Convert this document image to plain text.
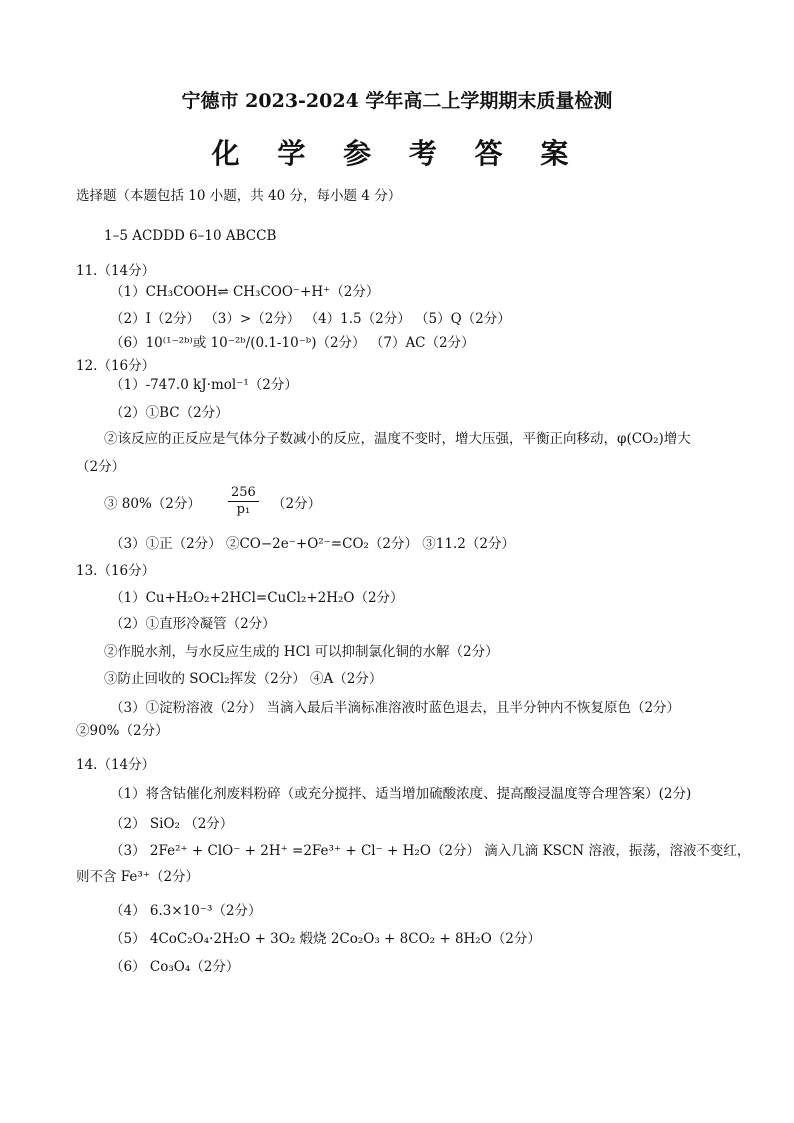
宁德市 2023-2024 学年高二上学期期末质量检测
化 学 参 考 答 案
选择题（本题包括 10 小题，共 40 分，每小题 4 分）
1–5 ACDDD 6–10 ABCCB
11.（14分）
（1）CH₃COOH⇌ CH₃COO⁻+H⁺（2分）
（2）Ⅰ（2分） （3）>（2分） （4）1.5（2分） （5）Q（2分）
（6）10⁽¹⁻²ᵇ⁾或 10⁻²ᵇ/(0.1-10⁻ᵇ)（2分） （7）AC（2分）
12.（16分）
（1）-747.0 kJ·mol⁻¹（2分）
（2）①BC（2分）
②该反应的正反应是气体分子数减小的反应，温度不变时，增大压强，平衡正向移动，φ(CO₂)增大
（2分）
③ 80%（2分） $\frac{256}{\text{p₁}} (2$分）
（3）①正（2分） ②CO−2e⁻+O²⁻=CO₂（2分） ③11.2（2分）
13.（16分）
（1）Cu+H₂O₂+2HCl=CuCl₂+2H₂O（2分）
（2）①直形冷凝管（2分）
②作脱水剂，与水反应生成的 HCl 可以抑制氯化铜的水解（2分）
③防止回收的 SOCl₂挥发（2分） ④A（2分）
（3）①淀粉溶液（2分） 当滴入最后半滴标准溶液时蓝色退去，且半分钟内不恢复原色（2分）
②90%（2分）
14.（14分）
（1）将含钴催化剂废料粉碎（或充分搅拌、适当增加硫酸浓度、提高酸浸温度等合理答案）(2分)
（2） SiO₂ （2分）
（3） 2Fe²⁺ + ClO⁻ + 2H⁺ =2Fe³⁺ + Cl⁻ + H₂O（2分） 滴入几滴 KSCN 溶液，振荡，溶液不变红，
则不含 Fe³⁺（2分）
（4） 6.3×10⁻³（2分）
（5） 4CoC₂O₄·2H₂O + 3O₂ 煅烧 2Co₂O₃ + 8CO₂ + 8H₂O（2分）
（6） Co₃O₄（2分）
